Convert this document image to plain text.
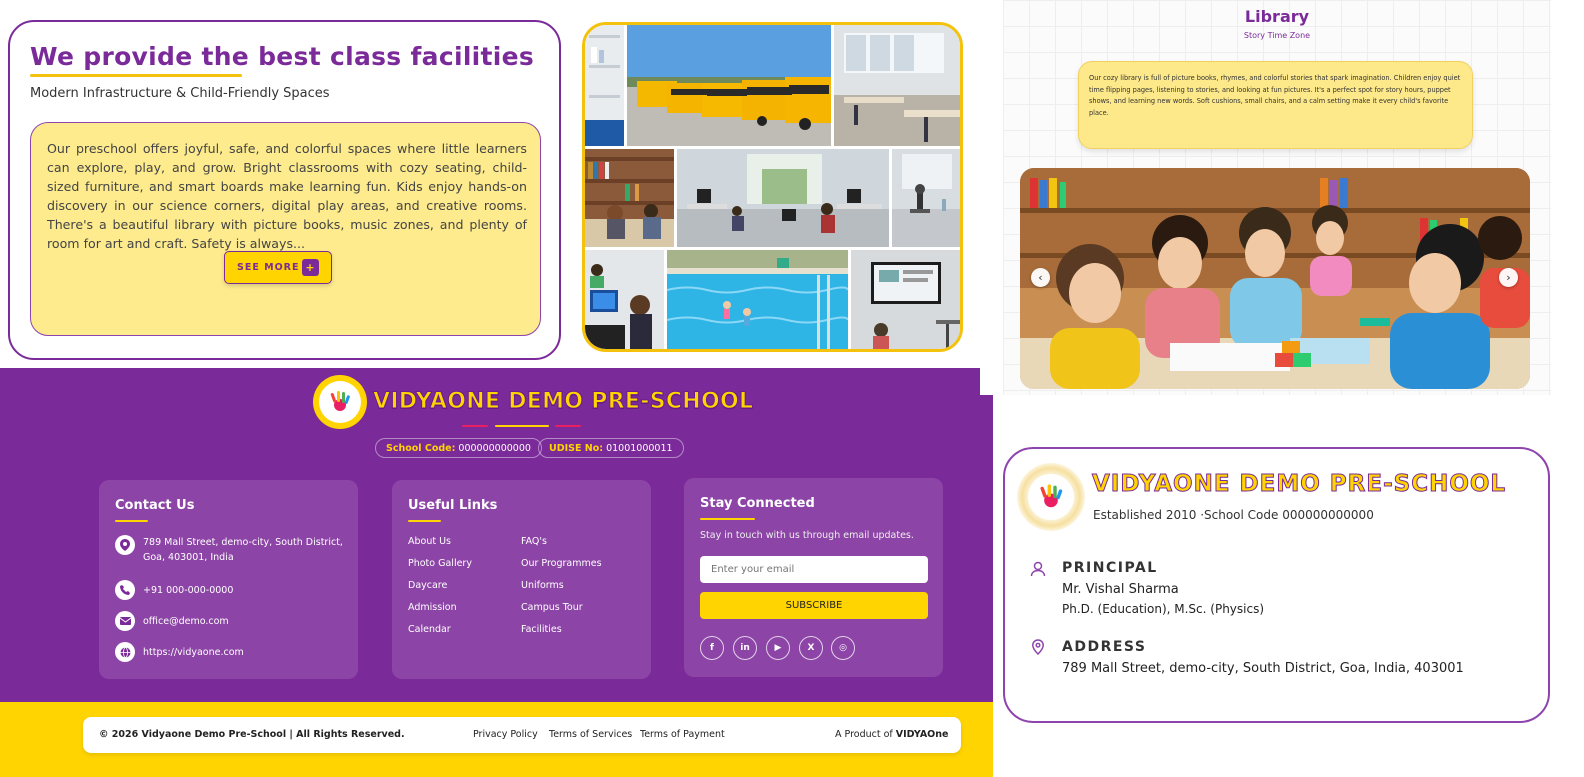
We provide the best class facilities
Modern Infrastructure & Child-Friendly Spaces
Our preschool offers joyful, safe, and colorful spaces where little learners can explore, play, and grow. Bright classrooms with cozy seating, child-sized furniture, and smart boards make learning fun. Kids enjoy hands-on discovery in our science corners, digital play areas, and creative rooms. There's a beautiful library with picture books, music zones, and plenty of room for art and craft. Safety is always...
SEE MORE +
Library
Story Time Zone
Our cozy library is full of picture books, rhymes, and colorful stories that spark imagination. Children enjoy quiet time flipping pages, listening to stories, and looking at fun pictures. It's a perfect spot for story hours, puppet shows, and learning new words. Soft cushions, small chairs, and a calm setting make it every child's favorite place.
‹	›
VIDYAONE DEMO PRE-SCHOOL
School Code: 000000000000 UDISE No: 01001000011
Contact Us
789 Mall Street, demo-city, South District, Goa, 403001, India
+91 000-000-0000
office@demo.com
https://vidyaone.com
Useful Links
About Us
Photo Gallery
Daycare
Admission
Calendar
FAQ's
Our Programmes
Uniforms
Campus Tour
Facilities
Stay Connected
Stay in touch with us through email updates.
Enter your email
SUBSCRIBE
f	in	▶	X	◎
© 2026 Vidyaone Demo Pre-School | All Rights Reserved.	Privacy Policy Terms of Services Terms of Payment	A Product of VIDYAOne
VIDYAONE DEMO PRE-SCHOOL
Established 2010 ·School Code 000000000000
PRINCIPAL
Mr. Vishal Sharma
Ph.D. (Education), M.Sc. (Physics)
ADDRESS
789 Mall Street, demo-city, South District, Goa, India, 403001
